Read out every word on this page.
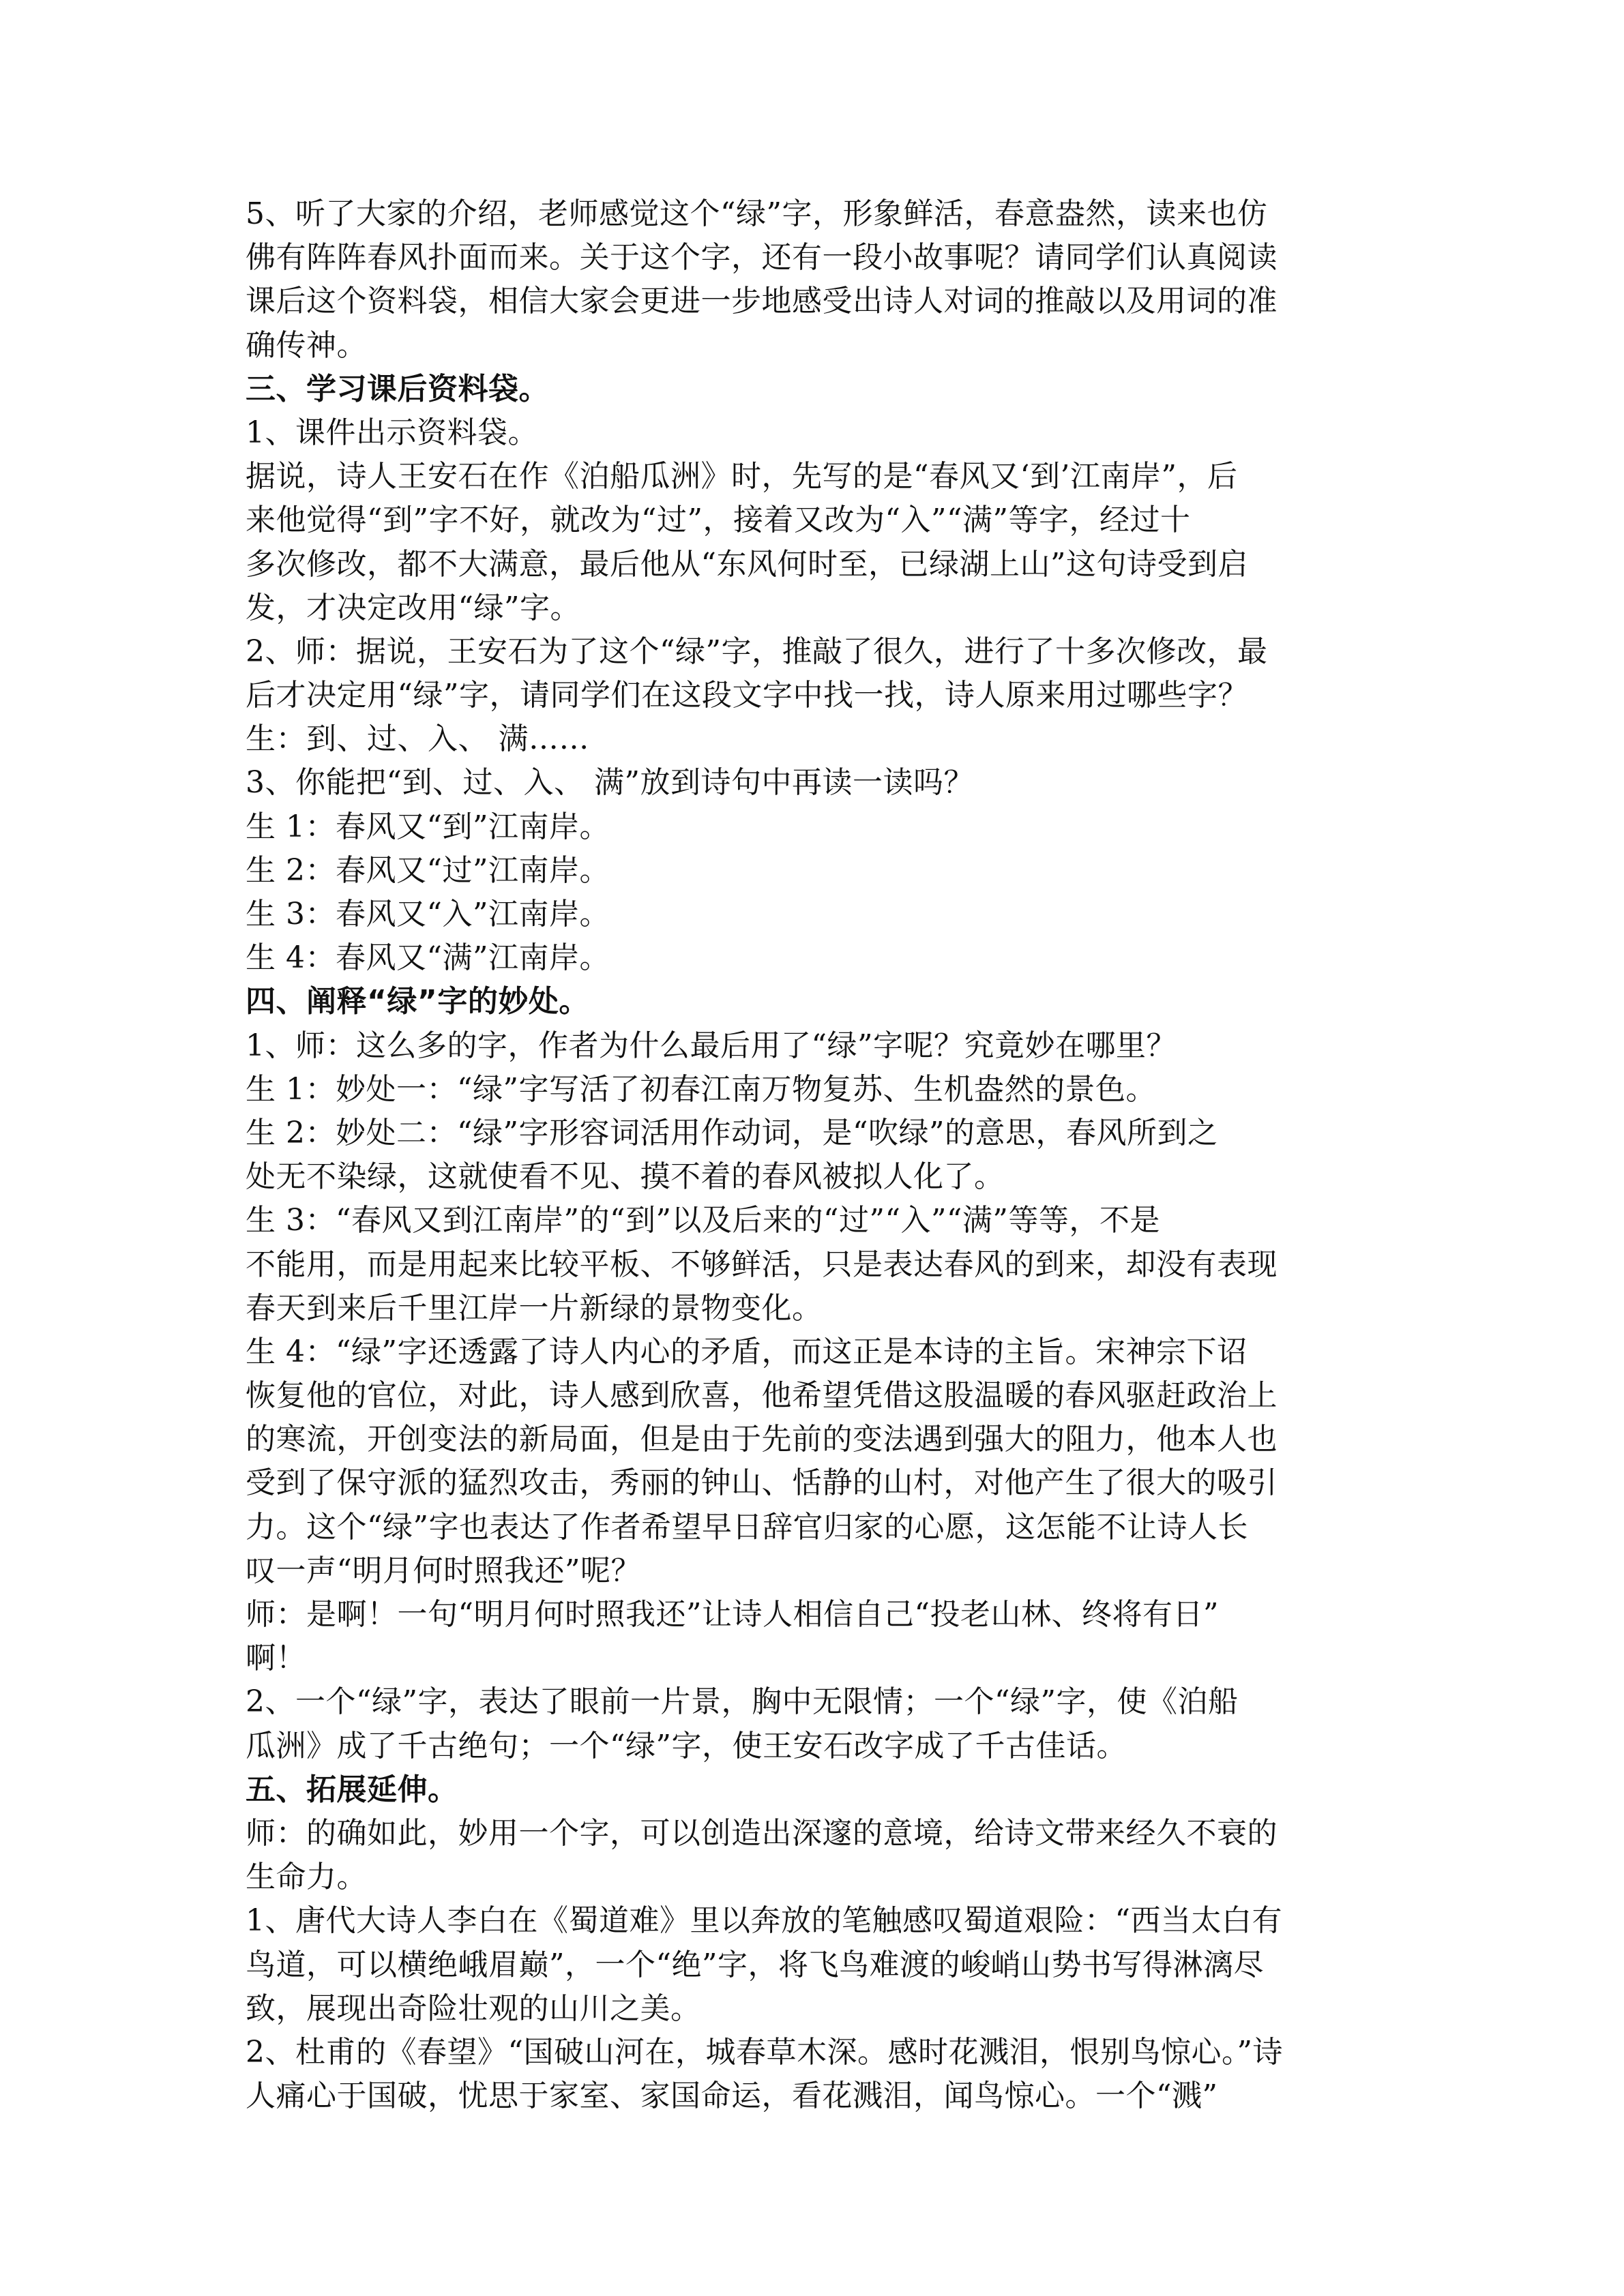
5、听了大家的介绍，老师感觉这个“绿”字，形象鲜活，春意盎然，读来也仿
佛有阵阵春风扑面而来。关于这个字，还有一段小故事呢？请同学们认真阅读
课后这个资料袋，相信大家会更进一步地感受出诗人对词的推敲以及用词的准
确传神。
三、学习课后资料袋。
1、课件出示资料袋。
据说，诗人王安石在作《泊船瓜洲》时，先写的是“春风又‘到’江南岸”，后
来他觉得“到”字不好，就改为“过”，接着又改为“入”“满”等字，经过十
多次修改，都不大满意，最后他从“东风何时至，已绿湖上山”这句诗受到启
发，才决定改用“绿”字。
2、师：据说，王安石为了这个“绿”字，推敲了很久，进行了十多次修改，最
后才决定用“绿”字，请同学们在这段文字中找一找，诗人原来用过哪些字？
生：到、过、入、 满……
3、你能把“到、过、入、 满”放到诗句中再读一读吗？
生 1：春风又“到”江南岸。
生 2：春风又“过”江南岸。
生 3：春风又“入”江南岸。
生 4：春风又“满”江南岸。
四、阐释“绿”字的妙处。
1、师：这么多的字，作者为什么最后用了“绿”字呢？究竟妙在哪里？
生 1：妙处一：“绿”字写活了初春江南万物复苏、生机盎然的景色。
生 2：妙处二：“绿”字形容词活用作动词，是“吹绿”的意思，春风所到之
处无不染绿，这就使看不见、摸不着的春风被拟人化了。
生 3：“春风又到江南岸”的“到”以及后来的“过”“入”“满”等等，不是
不能用，而是用起来比较平板、不够鲜活，只是表达春风的到来，却没有表现
春天到来后千里江岸一片新绿的景物变化。
生 4：“绿”字还透露了诗人内心的矛盾，而这正是本诗的主旨。宋神宗下诏
恢复他的官位，对此，诗人感到欣喜，他希望凭借这股温暖的春风驱赶政治上
的寒流，开创变法的新局面，但是由于先前的变法遇到强大的阻力，他本人也
受到了保守派的猛烈攻击，秀丽的钟山、恬静的山村，对他产生了很大的吸引
力。这个“绿”字也表达了作者希望早日辞官归家的心愿，这怎能不让诗人长
叹一声“明月何时照我还”呢？
师：是啊！一句“明月何时照我还”让诗人相信自己“投老山林、终将有日”
啊！
2、一个“绿”字，表达了眼前一片景，胸中无限情；一个“绿”字，使《泊船
瓜洲》成了千古绝句；一个“绿”字，使王安石改字成了千古佳话。
五、拓展延伸。
师：的确如此，妙用一个字，可以创造出深邃的意境，给诗文带来经久不衰的
生命力。
1、唐代大诗人李白在《蜀道难》里以奔放的笔触感叹蜀道艰险：“西当太白有
鸟道，可以横绝峨眉巅”，一个“绝”字，将飞鸟难渡的峻峭山势书写得淋漓尽
致，展现出奇险壮观的山川之美。
2、杜甫的《春望》“国破山河在，城春草木深。感时花溅泪，恨别鸟惊心。”诗
人痛心于国破，忧思于家室、家国命运，看花溅泪，闻鸟惊心。一个“溅”
